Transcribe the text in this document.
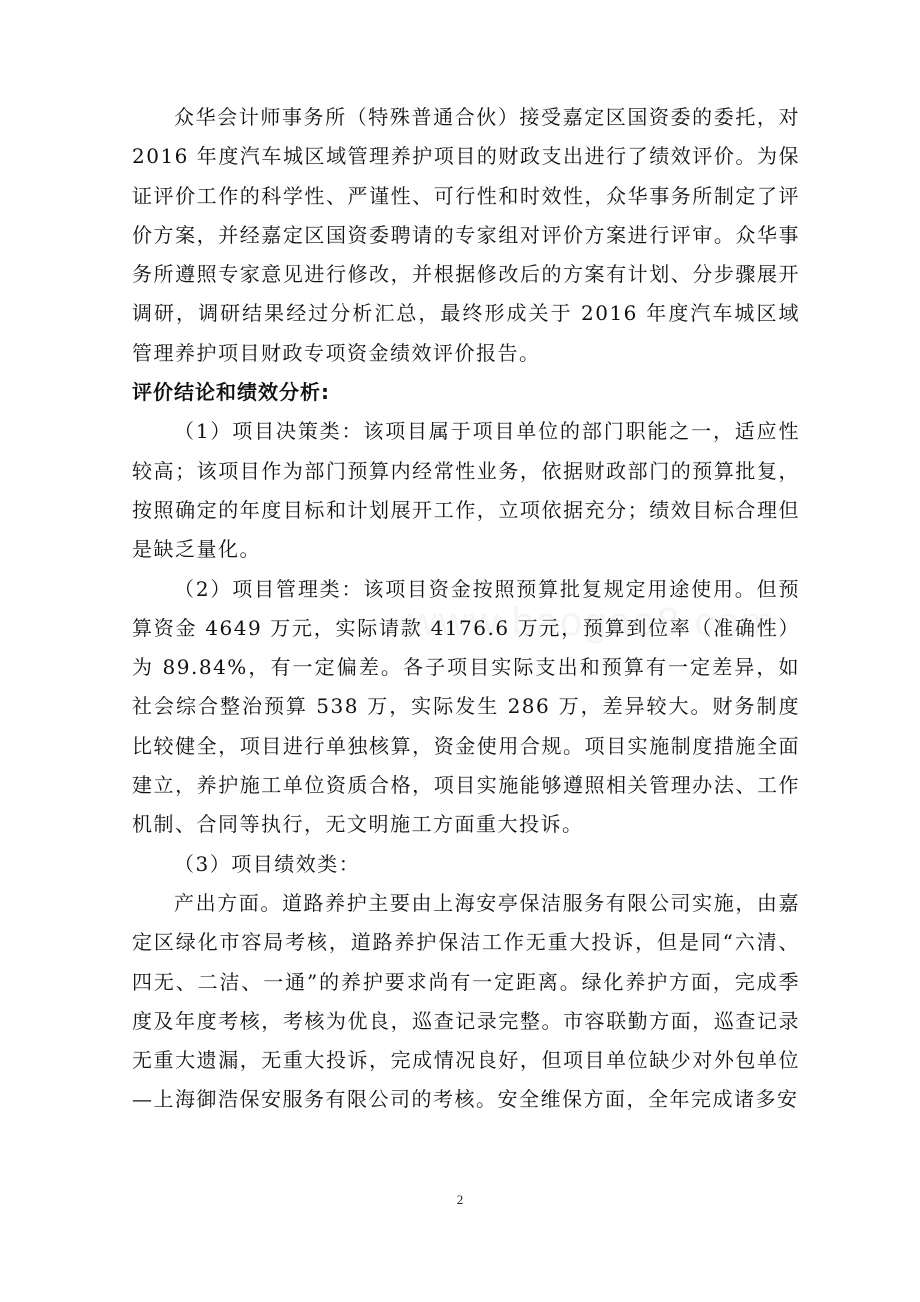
众华会计师事务所（特殊普通合伙）接受嘉定区国资委的委托，对 2016 年度汽车城区域管理养护项目的财政支出进行了绩效评价。为保证评价工作的科学性、严谨性、可行性和时效性，众华事务所制定了评价方案，并经嘉定区国资委聘请的专家组对评价方案进行评审。众华事务所遵照专家意见进行修改，并根据修改后的方案有计划、分步骤展开调研，调研结果经过分析汇总，最终形成关于 2016 年度汽车城区域管理养护项目财政专项资金绩效评价报告。

评价结论和绩效分析:

（1）项目决策类：该项目属于项目单位的部门职能之一，适应性较高；该项目作为部门预算内经常性业务，依据财政部门的预算批复，按照确定的年度目标和计划展开工作，立项依据充分；绩效目标合理但是缺乏量化。

（2）项目管理类：该项目资金按照预算批复规定用途使用。但预算资金 4649 万元，实际请款 4176.6 万元，预算到位率（准确性）为 89.84%，有一定偏差。各子项目实际支出和预算有一定差异，如社会综合整治预算 538 万，实际发生 286 万，差异较大。财务制度比较健全，项目进行单独核算，资金使用合规。项目实施制度措施全面建立，养护施工单位资质合格，项目实施能够遵照相关管理办法、工作机制、合同等执行，无文明施工方面重大投诉。

（3）项目绩效类：

产出方面。道路养护主要由上海安亭保洁服务有限公司实施，由嘉定区绿化市容局考核，道路养护保洁工作无重大投诉，但是同“六清、四无、二洁、一通”的养护要求尚有一定距离。绿化养护方面，完成季度及年度考核，考核为优良，巡查记录完整。市容联勤方面，巡查记录无重大遗漏，无重大投诉，完成情况良好，但项目单位缺少对外包单位—上海御浩保安服务有限公司的考核。安全维保方面，全年完成诸多安

2
